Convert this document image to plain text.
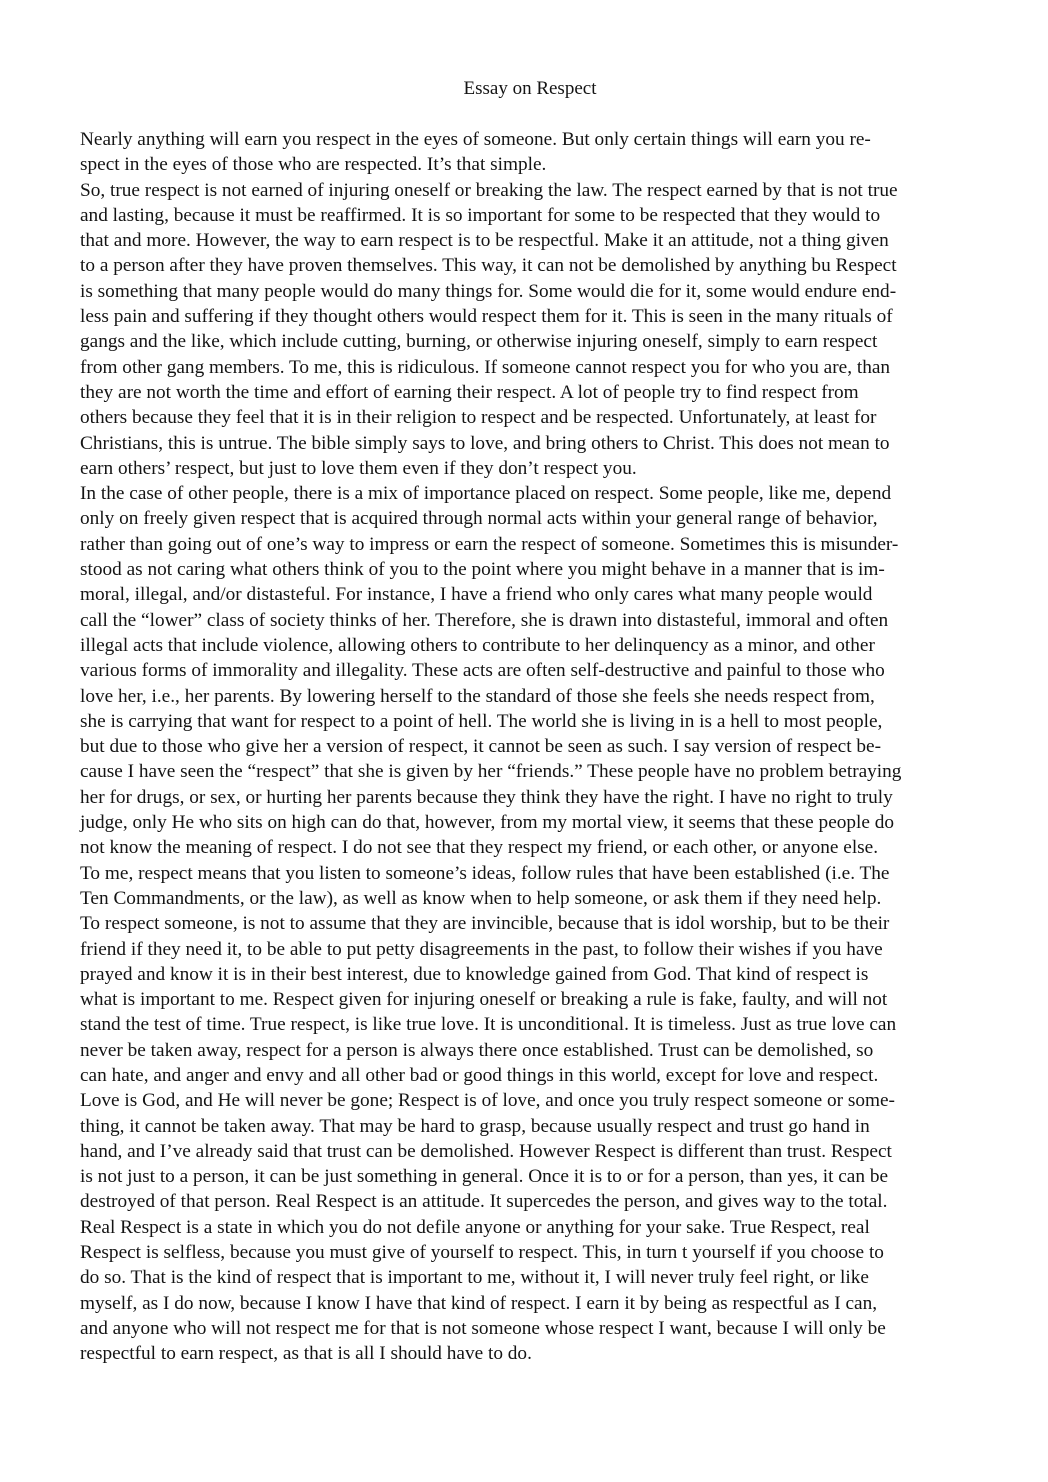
Essay on Respect
Nearly anything will earn you respect in the eyes of someone. But only certain things will earn you re-
spect in the eyes of those who are respected. It’s that simple.
So, true respect is not earned of injuring oneself or breaking the law. The respect earned by that is not true
and lasting, because it must be reaffirmed. It is so important for some to be respected that they would to
that and more. However, the way to earn respect is to be respectful. Make it an attitude, not a thing given
to a person after they have proven themselves. This way, it can not be demolished by anything bu Respect
is something that many people would do many things for. Some would die for it, some would endure end-
less pain and suffering if they thought others would respect them for it. This is seen in the many rituals of
gangs and the like, which include cutting, burning, or otherwise injuring oneself, simply to earn respect
from other gang members. To me, this is ridiculous. If someone cannot respect you for who you are, than
they are not worth the time and effort of earning their respect. A lot of people try to find respect from
others because they feel that it is in their religion to respect and be respected. Unfortunately, at least for
Christians, this is untrue. The bible simply says to love, and bring others to Christ. This does not mean to
earn others’ respect, but just to love them even if they don’t respect you.
In the case of other people, there is a mix of importance placed on respect. Some people, like me, depend
only on freely given respect that is acquired through normal acts within your general range of behavior,
rather than going out of one’s way to impress or earn the respect of someone. Sometimes this is misunder-
stood as not caring what others think of you to the point where you might behave in a manner that is im-
moral, illegal, and/or distasteful. For instance, I have a friend who only cares what many people would
call the “lower” class of society thinks of her. Therefore, she is drawn into distasteful, immoral and often
illegal acts that include violence, allowing others to contribute to her delinquency as a minor, and other
various forms of immorality and illegality. These acts are often self-destructive and painful to those who
love her, i.e., her parents. By lowering herself to the standard of those she feels she needs respect from,
she is carrying that want for respect to a point of hell. The world she is living in is a hell to most people,
but due to those who give her a version of respect, it cannot be seen as such. I say version of respect be-
cause I have seen the “respect” that she is given by her “friends.” These people have no problem betraying
her for drugs, or sex, or hurting her parents because they think they have the right. I have no right to truly
judge, only He who sits on high can do that, however, from my mortal view, it seems that these people do
not know the meaning of respect. I do not see that they respect my friend, or each other, or anyone else.
To me, respect means that you listen to someone’s ideas, follow rules that have been established (i.e. The
Ten Commandments, or the law), as well as know when to help someone, or ask them if they need help.
To respect someone, is not to assume that they are invincible, because that is idol worship, but to be their
friend if they need it, to be able to put petty disagreements in the past, to follow their wishes if you have
prayed and know it is in their best interest, due to knowledge gained from God. That kind of respect is
what is important to me. Respect given for injuring oneself or breaking a rule is fake, faulty, and will not
stand the test of time. True respect, is like true love. It is unconditional. It is timeless. Just as true love can
never be taken away, respect for a person is always there once established. Trust can be demolished, so
can hate, and anger and envy and all other bad or good things in this world, except for love and respect.
Love is God, and He will never be gone; Respect is of love, and once you truly respect someone or some-
thing, it cannot be taken away. That may be hard to grasp, because usually respect and trust go hand in
hand, and I’ve already said that trust can be demolished. However Respect is different than trust. Respect
is not just to a person, it can be just something in general. Once it is to or for a person, than yes, it can be
destroyed of that person. Real Respect is an attitude. It supercedes the person, and gives way to the total.
Real Respect is a state in which you do not defile anyone or anything for your sake. True Respect, real
Respect is selfless, because you must give of yourself to respect. This, in turn t yourself if you choose to
do so. That is the kind of respect that is important to me, without it, I will never truly feel right, or like
myself, as I do now, because I know I have that kind of respect. I earn it by being as respectful as I can,
and anyone who will not respect me for that is not someone whose respect I want, because I will only be
respectful to earn respect, as that is all I should have to do.
